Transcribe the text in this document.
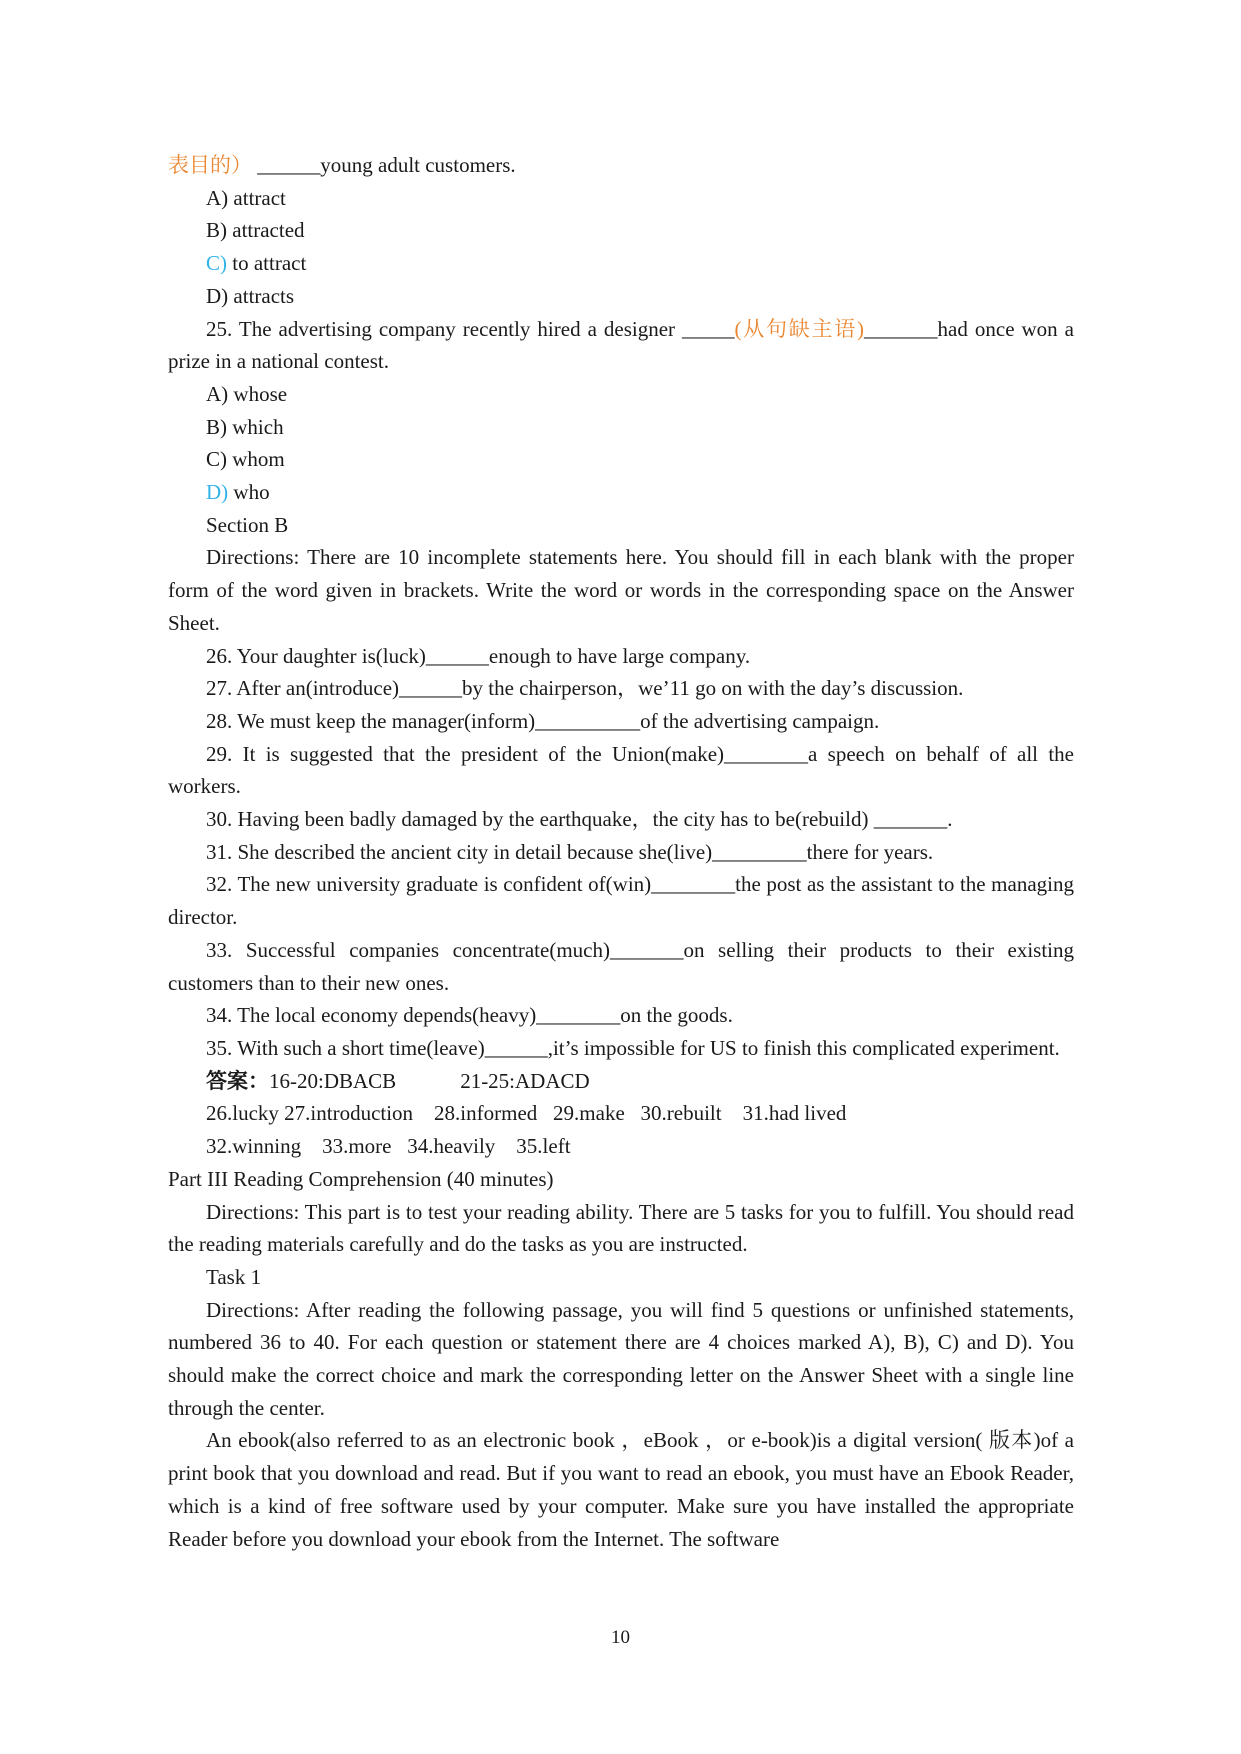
表目的） ______young adult customers.

A) attract

B) attracted

C) to attract

D) attracts

25. The advertising company recently hired a designer _____(从句缺主语)_______had once won a prize in a national contest.

A) whose

B) which

C) whom

D) who

Section B

Directions: There are 10 incomplete statements here. You should fill in each blank with the proper form of the word given in brackets. Write the word or words in the corresponding space on the Answer Sheet.

26. Your daughter is(luck)______enough to have large company.

27. After an(introduce)______by the chairperson，we’11 go on with the day’s discussion.

28. We must keep the manager(inform)__________of the advertising campaign.

29. It is suggested that the president of the Union(make)________a speech on behalf of all the workers.

30. Having been badly damaged by the earthquake，the city has to be(rebuild) _______.

31. She described the ancient city in detail because she(live)_________there for years.

32. The new university graduate is confident of(win)________the post as the assistant to the managing director.

33. Successful companies concentrate(much)_______on selling their products to their existing customers than to their new ones.

34. The local economy depends(heavy)________on the goods.

35. With such a short time(leave)______,it’s impossible for US to finish this complicated experiment.

答案：16-20:DBACB	21-25:ADACD

26.lucky 27.introduction    28.informed   29.make   30.rebuilt    31.had lived

32.winning    33.more   34.heavily    35.left

Part III Reading Comprehension (40 minutes)

Directions: This part is to test your reading ability. There are 5 tasks for you to fulfill. You should read the reading materials carefully and do the tasks as you are instructed.

Task 1

Directions: After reading the following passage, you will find 5 questions or unfinished statements, numbered 36 to 40. For each question or statement there are 4 choices marked A), B), C) and D). You should make the correct choice and mark the corresponding letter on the Answer Sheet with a single line through the center.

An ebook(also referred to as an electronic book ，eBook ，or e-book)is a digital version( 版本)of a print book that you download and read. But if you want to read an ebook, you must have an Ebook Reader, which is a kind of free software used by your computer. Make sure you have installed the appropriate Reader before you download your ebook from the Internet. The software

10
